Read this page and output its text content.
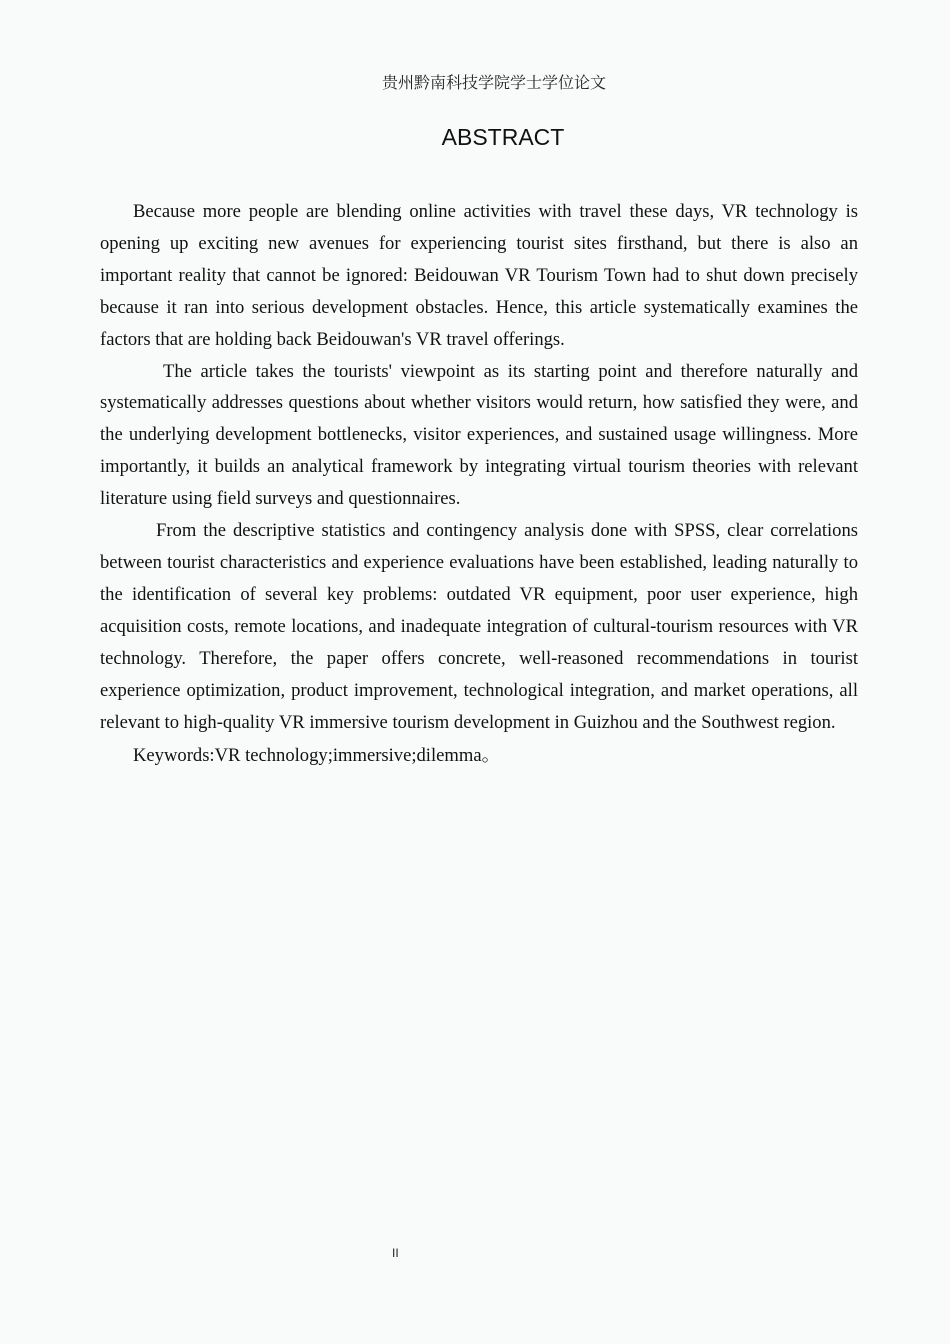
贵州黔南科技学院学士学位论文
ABSTRACT

Because more people are blending online activities with travel these days, VR technology is opening up exciting new avenues for experiencing tourist sites firsthand, but there is also an important reality that cannot be ignored: Beidouwan VR Tourism Town had to shut down precisely because it ran into serious development obstacles. Hence, this article systematically examines the factors that are holding back Beidouwan's VR travel offerings.

The article takes the tourists' viewpoint as its starting point and therefore naturally and systematically addresses questions about whether visitors would return, how satisfied they were, and the underlying development bottlenecks, visitor experiences, and sustained usage willingness. More importantly, it builds an analytical framework by integrating virtual tourism theories with relevant literature using field surveys and questionnaires.

From the descriptive statistics and contingency analysis done with SPSS, clear correlations between tourist characteristics and experience evaluations have been established, leading naturally to the identification of several key problems: outdated VR equipment, poor user experience, high acquisition costs, remote locations, and inadequate integration of cultural-tourism resources with VR technology. Therefore, the paper offers concrete, well-reasoned recommendations in tourist experience optimization, product improvement, technological integration, and market operations, all relevant to high-quality VR immersive tourism development in Guizhou and the Southwest region.

Keywords:VR technology;immersive;dilemma。

II
